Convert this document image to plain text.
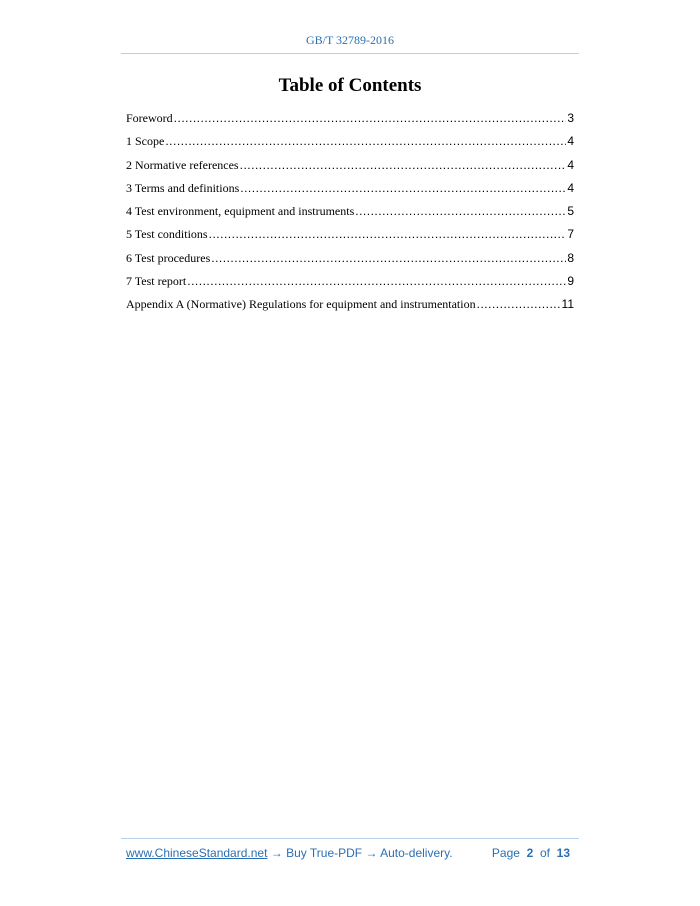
GB/T 32789-2016
Table of Contents
Foreword .....	3
1 Scope .....	4
2 Normative references .....	4
3 Terms and definitions .....	4
4 Test environment, equipment and instruments .....	5
5 Test conditions .....	7
6 Test procedures .....	8
7 Test report .....	9
Appendix A (Normative) Regulations for equipment and instrumentation .....	11
www.ChineseStandard.net → Buy True-PDF → Auto-delivery.	Page 2 of 13
